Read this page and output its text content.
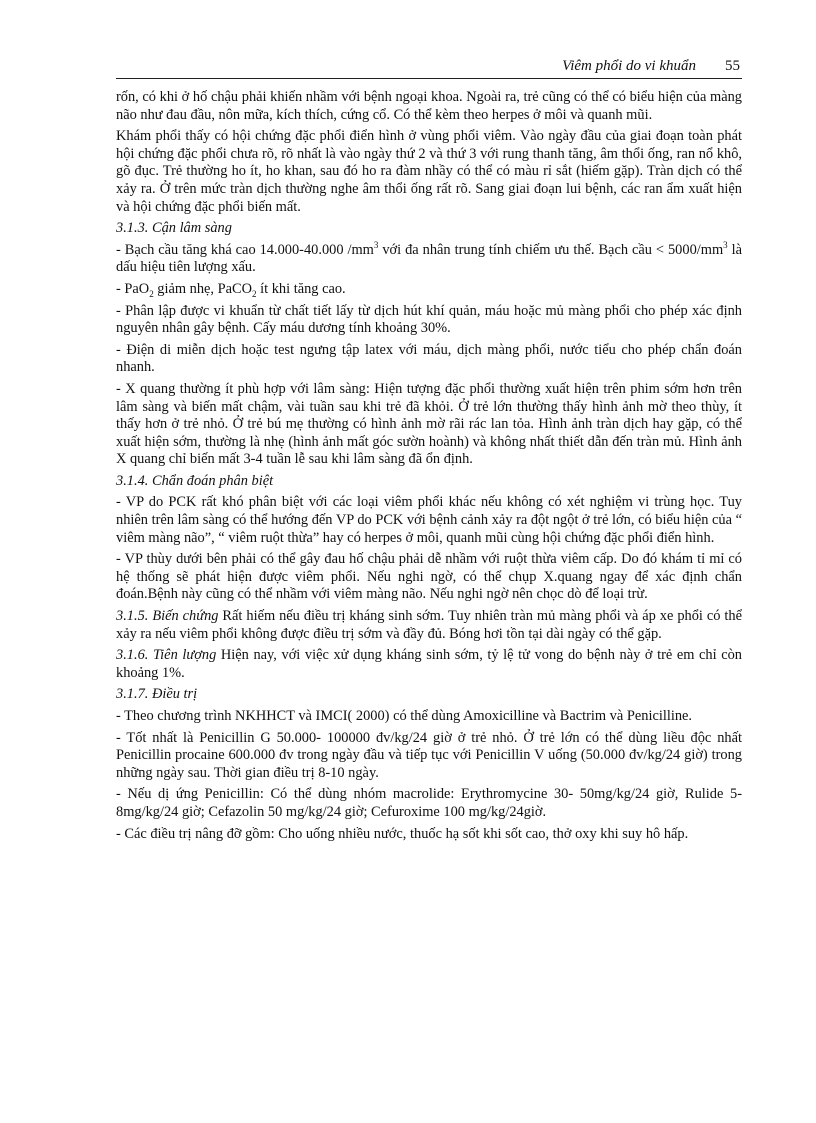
Viêm phổi do vi khuẩn 55

rốn, có khi ở hố chậu phải khiến nhầm với bệnh ngoại khoa. Ngoài ra, trẻ cũng có thể có biểu hiện của màng não như đau đầu, nôn mữa, kích thích, cứng cổ. Có thể kèm theo herpes ở môi và quanh mũi.

Khám phổi thấy có hội chứng đặc phổi điển hình ở vùng phổi viêm. Vào ngày đầu của giai đoạn toàn phát hội chứng đặc phổi chưa rõ, rõ nhất là vào ngày thứ 2 và thứ 3 với rung thanh tăng, âm thổi ống, ran nổ khô, gõ đục. Trẻ thường ho ít, ho khan, sau đó ho ra đàm nhầy có thể có màu rỉ sắt (hiếm gặp). Tràn dịch có thể xảy ra. Ở trên mức tràn dịch thường nghe âm thổi ống rất rõ. Sang giai đoạn lui bệnh, các ran ẩm xuất hiện và hội chứng đặc phổi biến mất.

3.1.3. Cận lâm sàng

- Bạch cầu tăng khá cao 14.000-40.000 $/mm^3$ với đa nhân trung tính chiếm ưu thế. Bạch cầu < $5000/mm^3$ là dấu hiệu tiên lượng xấu.

- PaO$_2$ giảm nhẹ, PaCO$_2$ ít khi tăng cao.

- Phân lập được vi khuẩn từ chất tiết lấy từ dịch hút khí quản, máu hoặc mủ màng phổi cho phép xác định nguyên nhân gây bệnh. Cấy máu dương tính khoảng 30%.

- Điện di miễn dịch hoặc test ngưng tập latex với máu, dịch màng phổi, nước tiểu cho phép chẩn đoán nhanh.

- X quang thường ít phù hợp với lâm sàng: Hiện tượng đặc phổi thường xuất hiện trên phim sớm hơn trên lâm sàng và biến mất chậm, vài tuần sau khi trẻ đã khỏi. Ở trẻ lớn thường thấy hình ảnh mờ theo thùy, ít thấy hơn ở trẻ nhỏ. Ở trẻ bú mẹ thường có hình ảnh mờ rãi rác lan tỏa. Hình ảnh tràn dịch hay gặp, có thể xuất hiện sớm, thường là nhẹ (hình ảnh mất góc sườn hoành) và không nhất thiết dẫn đến tràn mủ. Hình ảnh X quang chỉ biến mất 3-4 tuần lễ sau khi lâm sàng đã ổn định.

3.1.4. Chẩn đoán phân biệt

- VP do PCK rất khó phân biệt với các loại viêm phổi khác nếu không có xét nghiệm vi trùng học. Tuy nhiên trên lâm sàng có thể hướng đến VP do PCK với bệnh cảnh xảy ra đột ngột ở trẻ lớn, có biểu hiện của “ viêm màng não”, “ viêm ruột thừa” hay có herpes ở môi, quanh mũi cùng hội chứng đặc phổi điển hình.

- VP thùy dưới bên phải có thể gây đau hố chậu phải dễ nhầm với ruột thừa viêm cấp. Do đó khám tỉ mỉ có hệ thống sẽ phát hiện được viêm phổi. Nếu nghi ngờ, có thể chụp X.quang ngay để xác định chẩn đoán.Bệnh này cũng có thể nhầm với viêm màng não. Nếu nghi ngờ nên chọc dò để loại trừ.

3.1.5. Biến chứng Rất hiếm nếu điều trị kháng sinh sớm. Tuy nhiên tràn mủ màng phổi và áp xe phổi có thể xảy ra nếu viêm phổi không được điều trị sớm và đầy đủ. Bóng hơi tồn tại dài ngày có thể gặp.

3.1.6. Tiên lượng Hiện nay, với việc xử dụng kháng sinh sớm, tỷ lệ tử vong do bệnh này ở trẻ em chỉ còn khoảng 1%.

3.1.7. Điều trị

- Theo chương trình NKHHCT và IMCI( 2000) có thể dùng Amoxicilline và Bactrim và Penicilline.

- Tốt nhất là Penicillin G 50.000- 100000 đv/kg/24 giờ ở trẻ nhỏ. Ở trẻ lớn có thể dùng liều độc nhất Penicillin procaine 600.000 đv trong ngày đầu và tiếp tục với Penicillin V uống (50.000 đv/kg/24 giờ) trong những ngày sau. Thời gian điều trị 8-10 ngày.

- Nếu dị ứng Penicillin: Có thể dùng nhóm macrolide: Erythromycine 30- 50mg/kg/24 giờ, Rulide 5-8mg/kg/24 giờ; Cefazolin 50 mg/kg/24 giờ; Cefuroxime 100 mg/kg/24giờ.

- Các điều trị nâng đỡ gồm: Cho uống nhiều nước, thuốc hạ sốt khi sốt cao, thở oxy khi suy hô hấp.
